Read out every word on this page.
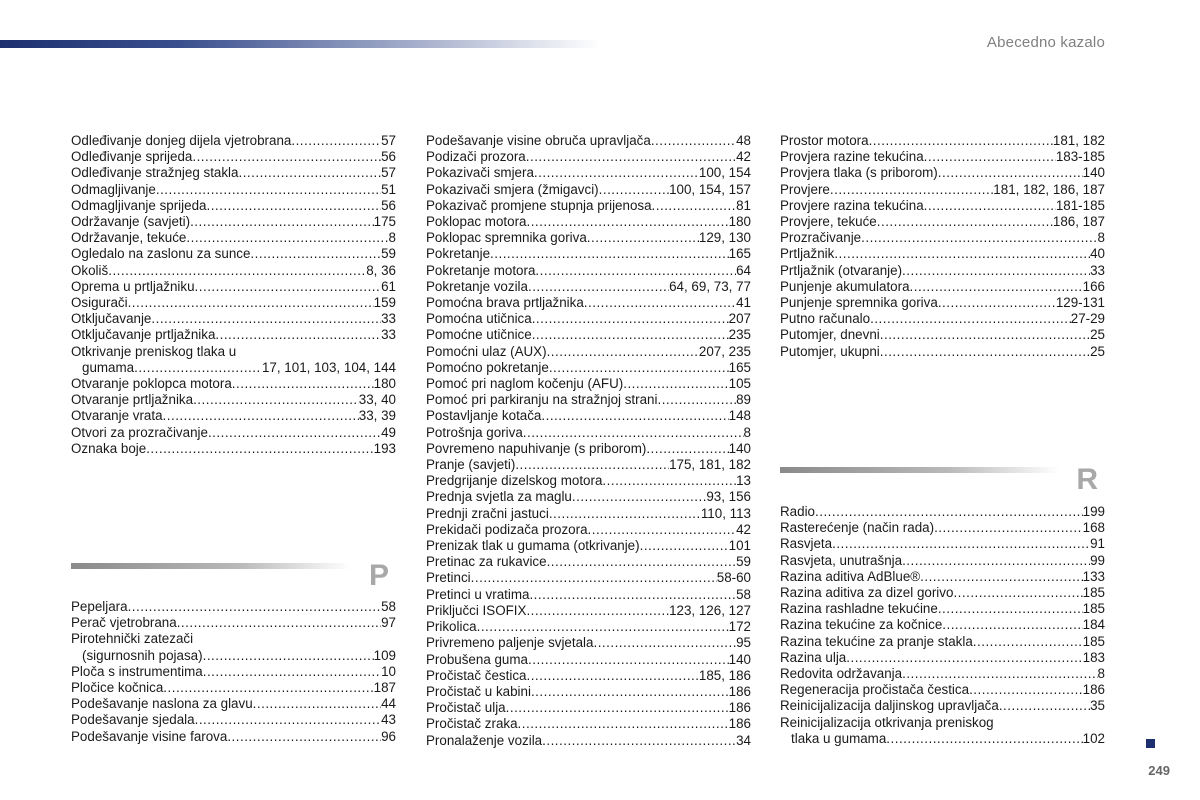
Abecedno kazalo
Odleđivanje donjeg dijela vjetrobrana .....	57
Odleđivanje sprijeda .....	56
Odleđivanje stražnjeg stakla .....	57
Odmagljivanje .....	51
Odmagljivanje sprijeda .....	56
Održavanje (savjeti) .....	175
Održavanje, tekuće .....	8
Ogledalo na zaslonu za sunce .....	59
Okoliš .....	8, 36
Oprema u prtljažniku .....	61
Osigurači .....	159
Otključavanje .....	33
Otključavanje prtljažnika .....	33
Otkrivanje preniskog tlaka u
gumama .....	17, 101, 103, 104, 144
Otvaranje poklopca motora .....	180
Otvaranje prtljažnika .....	33, 40
Otvaranje vrata .....	33, 39
Otvori za prozračivanje .....	49
Oznaka boje .....	193
P
Pepeljara .....	58
Perač vjetrobrana .....	97
Pirotehnički zatezači
(sigurnosnih pojasa) .....	109
Ploča s instrumentima .....	10
Pločice kočnica .....	187
Podešavanje naslona za glavu .....	44
Podešavanje sjedala .....	43
Podešavanje visine farova .....	96
Podešavanje visine obruča upravljača .....	48
Podizači prozora .....	42
Pokazivači smjera .....	100, 154
Pokazivači smjera (žmigavci) .....	100, 154, 157
Pokazivač promjene stupnja prijenosa .....	81
Poklopac motora .....	180
Poklopac spremnika goriva .....	129, 130
Pokretanje .....	165
Pokretanje motora .....	64
Pokretanje vozila .....	64, 69, 73, 77
Pomoćna brava prtljažnika .....	41
Pomoćna utičnica .....	207
Pomoćne utičnice .....	235
Pomoćni ulaz (AUX) .....	207, 235
Pomoćno pokretanje .....	165
Pomoć pri naglom kočenju (AFU) .....	105
Pomoć pri parkiranju na stražnjoj strani .....	89
Postavljanje kotača .....	148
Potrošnja goriva .....	8
Povremeno napuhivanje (s priborom) .....	140
Pranje (savjeti) .....	175, 181, 182
Predgrijanje dizelskog motora .....	13
Prednja svjetla za maglu .....	93, 156
Prednji zračni jastuci .....	110, 113
Prekidači podizača prozora .....	42
Prenizak tlak u gumama (otkrivanje) .....	101
Pretinac za rukavice .....	59
Pretinci .....	58-60
Pretinci u vratima .....	58
Priključci ISOFIX .....	123, 126, 127
Prikolica .....	172
Privremeno paljenje svjetala .....	95
Probušena guma .....	140
Pročistač čestica .....	185, 186
Pročistač u kabini .....	186
Pročistač ulja .....	186
Pročistač zraka .....	186
Pronalaženje vozila .....	34
Prostor motora .....	181, 182
Provjera razine tekućina .....	183-185
Provjera tlaka (s priborom) .....	140
Provjere .....	181, 182, 186, 187
Provjere razina tekućina .....	181-185
Provjere, tekuće .....	186, 187
Prozračivanje .....	8
Prtljažnik .....	40
Prtljažnik (otvaranje) .....	33
Punjenje akumulatora .....	166
Punjenje spremnika goriva .....	129-131
Putno računalo .....	27-29
Putomjer, dnevni .....	25
Putomjer, ukupni .....	25
R
Radio .....	199
Rasterećenje (način rada) .....	168
Rasvjeta .....	91
Rasvjeta, unutrašnja .....	99
Razina aditiva AdBlue® .....	133
Razina aditiva za dizel gorivo .....	185
Razina rashladne tekućine .....	185
Razina tekućine za kočnice .....	184
Razina tekućine za pranje stakla .....	185
Razina ulja .....	183
Redovita održavanja .....	8
Regeneracija pročistača čestica .....	186
Reinicijalizacija daljinskog upravljača .....	35
Reinicijalizacija otkrivanja preniskog
tlaka u gumama .....	102
249
